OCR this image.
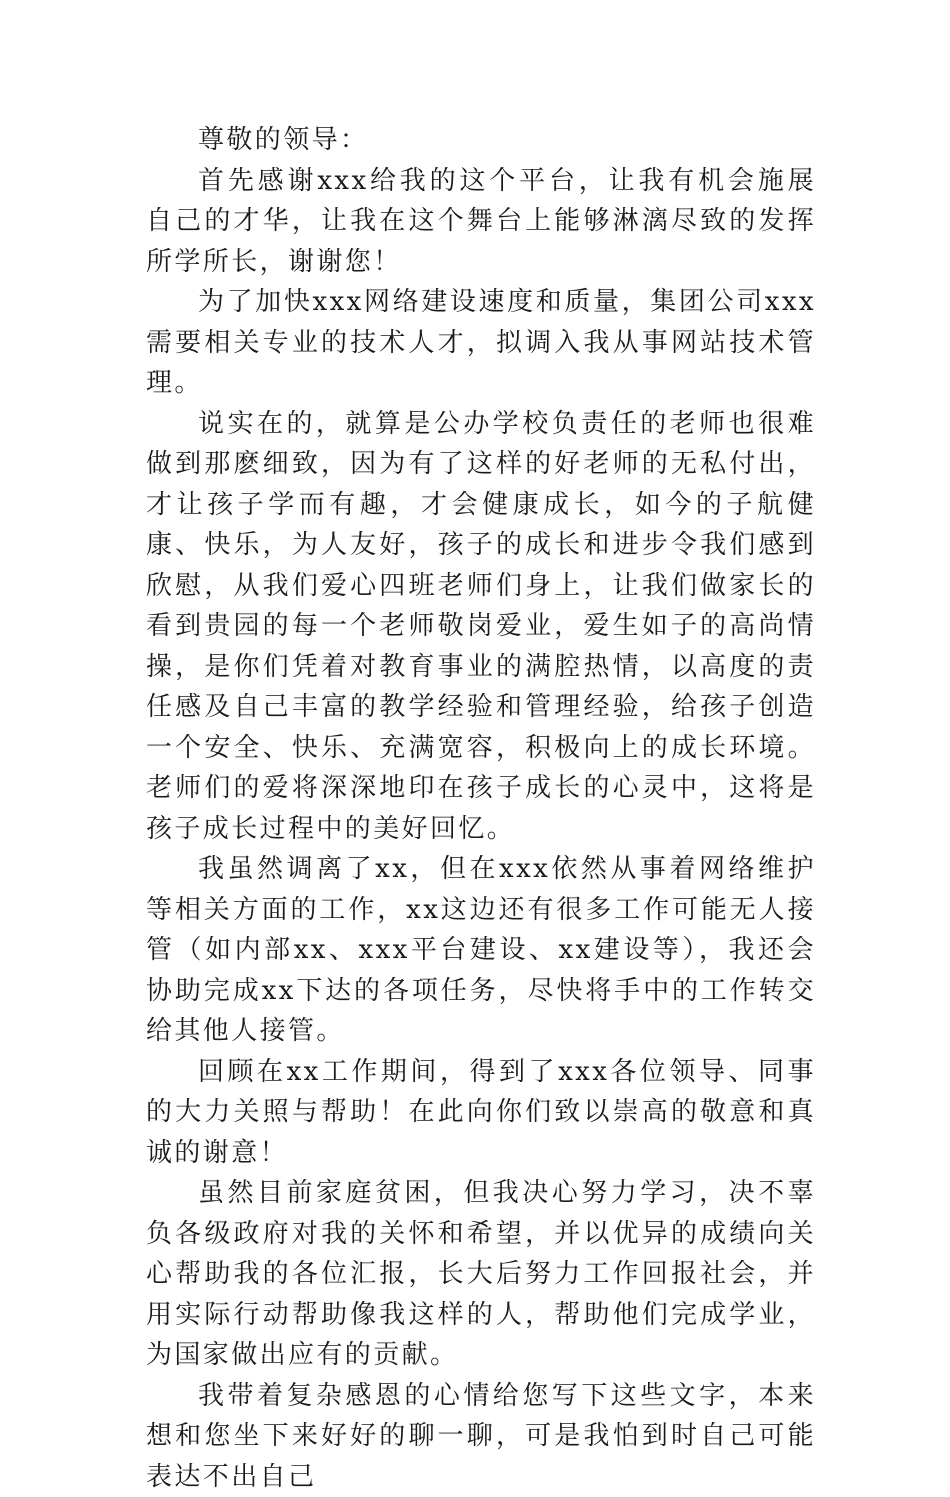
尊敬的领导：

首先感谢xxx给我的这个平台，让我有机会施展自己的才华，让我在这个舞台上能够淋漓尽致的发挥所学所长，谢谢您！

为了加快xxx网络建设速度和质量，集团公司xxx需要相关专业的技术人才，拟调入我从事网站技术管理。

说实在的，就算是公办学校负责任的老师也很难做到那麽细致，因为有了这样的好老师的无私付出，才让孩子学而有趣，才会健康成长，如今的子航健康、快乐，为人友好，孩子的成长和进步令我们感到欣慰，从我们爱心四班老师们身上，让我们做家长的看到贵园的每一个老师敬岗爱业，爱生如子的高尚情操，是你们凭着对教育事业的满腔热情，以高度的责任感及自己丰富的教学经验和管理经验，给孩子创造一个安全、快乐、充满宽容，积极向上的成长环境。老师们的爱将深深地印在孩子成长的心灵中，这将是孩子成长过程中的美好回忆。

我虽然调离了xx，但在xxx依然从事着网络维护等相关方面的工作，xx这边还有很多工作可能无人接管（如内部xx、xxx平台建设、xx建设等），我还会协助完成xx下达的各项任务，尽快将手中的工作转交给其他人接管。

回顾在xx工作期间，得到了xxx各位领导、同事的大力关照与帮助！在此向你们致以崇高的敬意和真诚的谢意！

虽然目前家庭贫困，但我决心努力学习，决不辜负各级政府对我的关怀和希望，并以优异的成绩向关心帮助我的各位汇报，长大后努力工作回报社会，并用实际行动帮助像我这样的人，帮助他们完成学业，为国家做出应有的贡献。

我带着复杂感恩的心情给您写下这些文字，本来想和您坐下来好好的聊一聊，可是我怕到时自己可能表达不出自己
